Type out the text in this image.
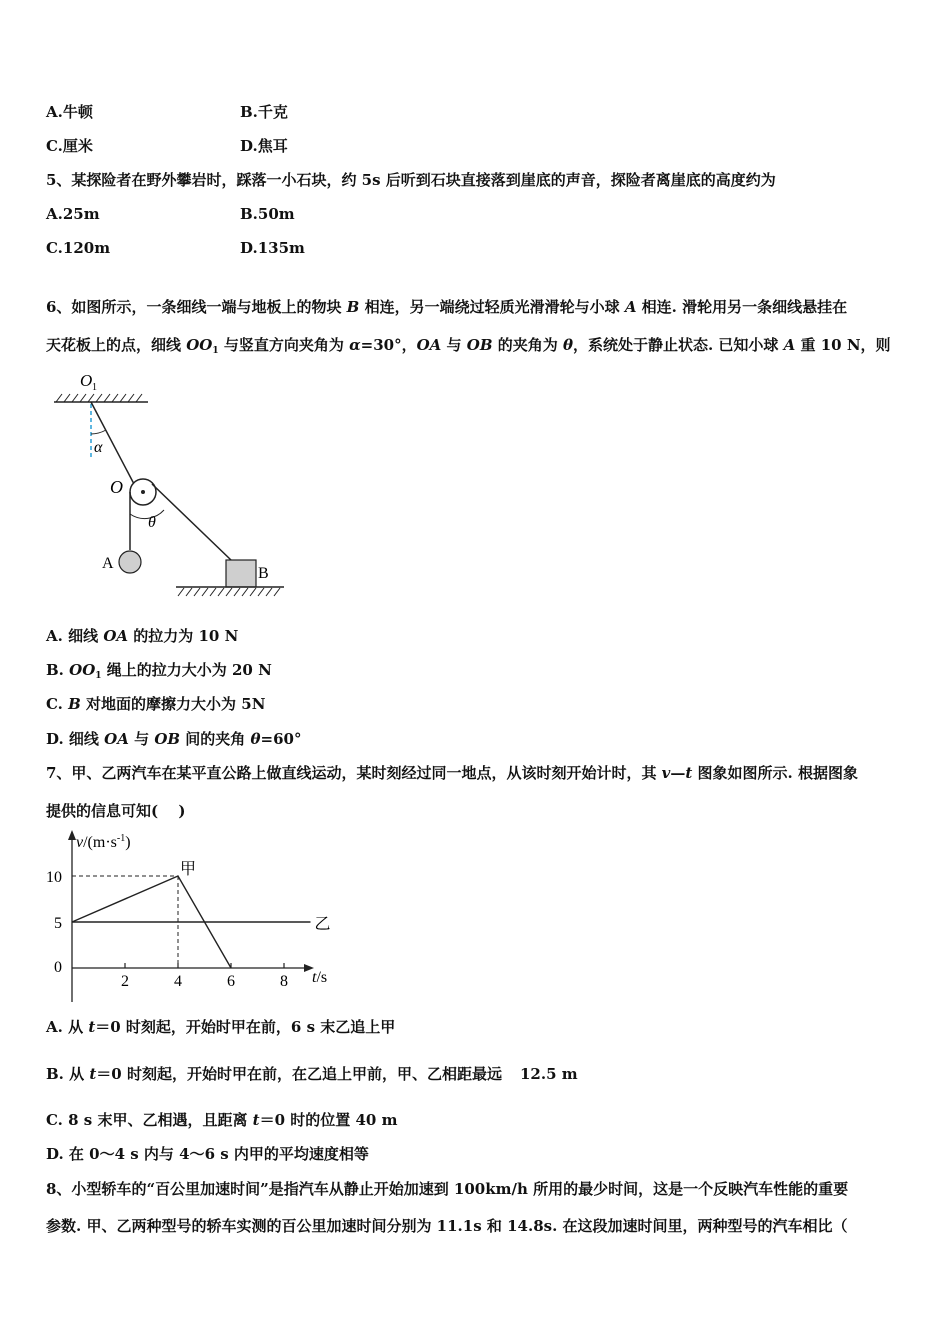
A.牛顿	B.千克
C.厘米	D.焦耳
5、某探险者在野外攀岩时，踩落一小石块，约 5s 后听到石块直接落到崖底的声音，探险者离崖底的高度约为
A.25m	B.50m
C.120m	D.135m
6、如图所示，一条细线一端与地板上的物块 B 相连，另一端绕过轻质光滑滑轮与小球 A 相连. 滑轮用另一条细线悬挂在
天花板上的点，细线 $OO_1$ 与竖直方向夹角为 α=30°，OA 与 OB 的夹角为 θ，系统处于静止状态. 已知小球 A 重 10 N，则
O 1
α
O
θ
A
B
A. 细线 OA 的拉力为 10 N
B. $OO_1$ 绳上的拉力大小为 20 N
C. B 对地面的摩擦力大小为 5N
D. 细线 OA 与 OB 间的夹角 θ=60°
7、甲、乙两汽车在某平直公路上做直线运动，某时刻经过同一地点，从该时刻开始计时，其 v—t 图象如图所示. 根据图象
提供的信息可知(　 )
$v/(m\cdot s^{-1})$
t/s
2	4	6	8
0
5
10
乙
甲
A. 从 t＝0 时刻起，开始时甲在前，6 s 末乙追上甲
B. 从 t＝0 时刻起，开始时甲在前，在乙追上甲前，甲、乙相距最远 12.5 m
C. 8 s 末甲、乙相遇，且距离 t＝0 时的位置 40 m
D. 在 0～4 s 内与 4～6 s 内甲的平均速度相等
8、小型轿车的“百公里加速时间”是指汽车从静止开始加速到 100km/h 所用的最少时间，这是一个反映汽车性能的重要
参数. 甲、乙两种型号的轿车实测的百公里加速时间分别为 11.1s 和 14.8s. 在这段加速时间里，两种型号的汽车相比（
